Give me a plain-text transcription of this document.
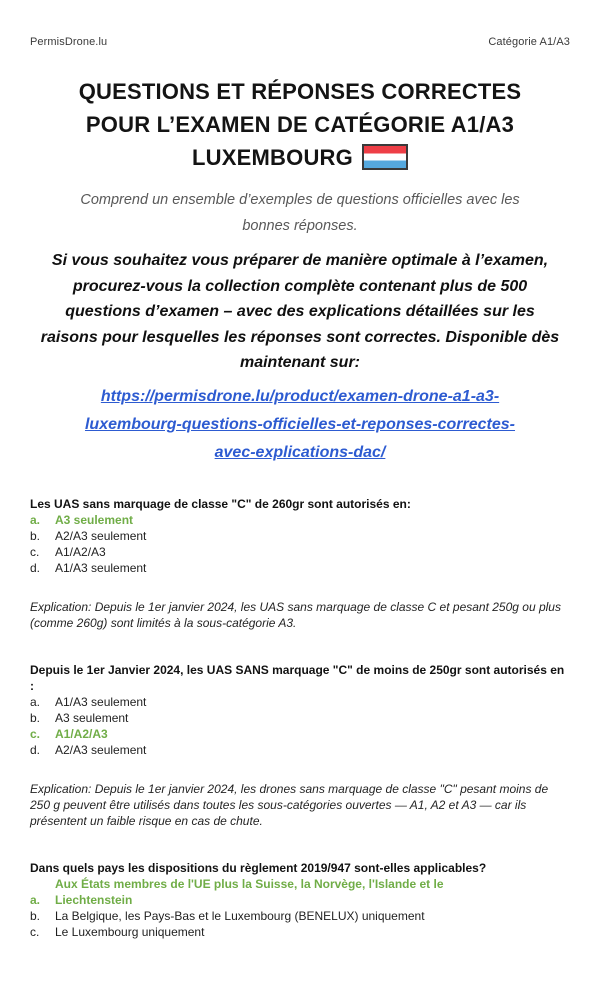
PermisDrone.lu	Catégorie A1/A3
QUESTIONS ET RÉPONSES CORRECTES
POUR L’EXAMEN DE CATÉGORIE A1/A3
LUXEMBOURG
Comprend un ensemble d’exemples de questions officielles avec les
bonnes réponses.
Si vous souhaitez vous préparer de manière optimale à l’examen,
procurez-vous la collection complète contenant plus de 500
questions d’examen – avec des explications détaillées sur les
raisons pour lesquelles les réponses sont correctes. Disponible dès
maintenant sur:
https://permisdrone.lu/product/examen-drone-a1-a3-
luxembourg-questions-officielles-et-reponses-correctes-
avec-explications-dac/
Les UAS sans marquage de classe "C" de 260gr sont autorisés en:
a.	A3 seulement
b.	A2/A3 seulement
c.	A1/A2/A3
d.	A1/A3 seulement
Explication: Depuis le 1er janvier 2024, les UAS sans marquage de classe C et pesant 250g ou plus (comme 260g) sont limités à la sous-catégorie A3.
Depuis le 1er Janvier 2024, les UAS SANS marquage "C" de moins de 250gr sont autorisés en :
a.	A1/A3 seulement
b.	A3 seulement
c.	A1/A2/A3
d.	A2/A3 seulement
Explication: Depuis le 1er janvier 2024, les drones sans marquage de classe "C" pesant moins de 250 g peuvent être utilisés dans toutes les sous-catégories ouvertes — A1, A2 et A3 — car ils présentent un faible risque en cas de chute.
Dans quels pays les dispositions du règlement 2019/947 sont-elles applicables?
Aux États membres de l'UE plus la Suisse, la Norvège, l'Islande et le
a.	Liechtenstein
b.	La Belgique, les Pays-Bas et le Luxembourg (BENELUX) uniquement
c.	Le Luxembourg uniquement
